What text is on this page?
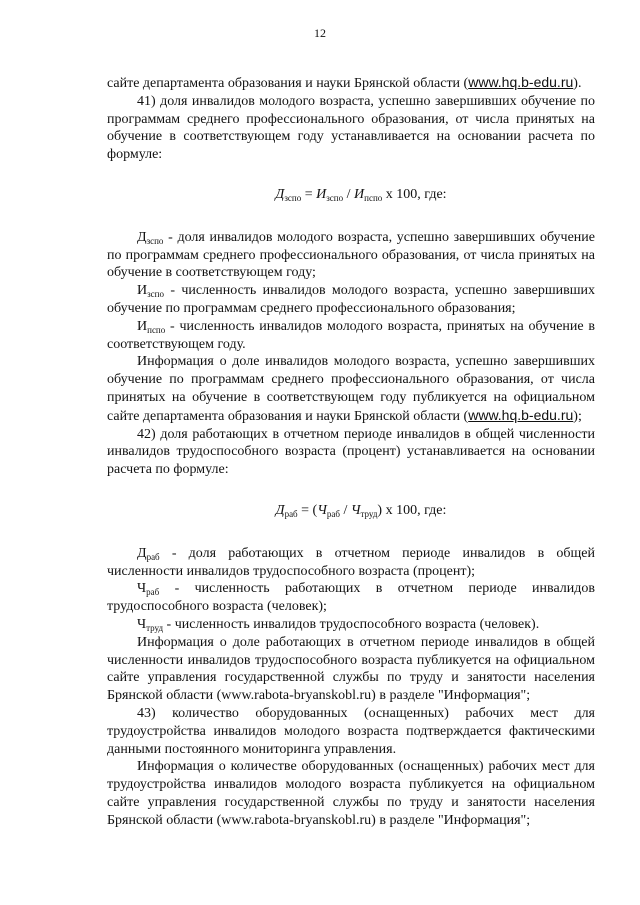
12

сайте департамента образования и науки Брянской области (www.hq.b-edu.ru).

41) доля инвалидов молодого возраста, успешно завершивших обучение по программам среднего профессионального образования, от числа принятых на обучение в соответствующем году устанавливается на основании расчета по формуле:

$Д_{зспо} = И_{зспо} / И_{пспо}$ х 100, где:

$Д_{зспо}$ - доля инвалидов молодого возраста, успешно завершивших обучение по программам среднего профессионального образования, от числа принятых на обучение в соответствующем году;

$И_{зспо}$ - численность инвалидов молодого возраста, успешно завершивших обучение по программам среднего профессионального образования;

$И_{пспо}$ - численность инвалидов молодого возраста, принятых на обучение в соответствующем году.

Информация о доле инвалидов молодого возраста, успешно завершивших обучение по программам среднего профессионального образования, от числа принятых на обучение в соответствующем году публикуется на официальном сайте департамента образования и науки Брянской области (www.hq.b-edu.ru);

42) доля работающих в отчетном периоде инвалидов в общей численности инвалидов трудоспособного возраста (процент) устанавливается на основании расчета по формуле:

$Д_{раб} = (Ч_{раб} / Ч_{труд})$ х 100, где:

$Д_{раб}$ - доля работающих в отчетном периоде инвалидов в общей численности инвалидов трудоспособного возраста (процент);

$Ч_{раб}$ - численность работающих в отчетном периоде инвалидов трудоспособного возраста (человек);

$Ч_{труд}$ - численность инвалидов трудоспособного возраста (человек).

Информация о доле работающих в отчетном периоде инвалидов в общей численности инвалидов трудоспособного возраста публикуется на официальном сайте управления государственной службы по труду и занятости населения Брянской области (www.rabota-bryanskobl.ru) в разделе "Информация";

43) количество оборудованных (оснащенных) рабочих мест для трудоустройства инвалидов молодого возраста подтверждается фактическими данными постоянного мониторинга управления.

Информация о количестве оборудованных (оснащенных) рабочих мест для трудоустройства инвалидов молодого возраста публикуется на официальном сайте управления государственной службы по труду и занятости населения Брянской области (www.rabota-bryanskobl.ru) в разделе "Информация";
